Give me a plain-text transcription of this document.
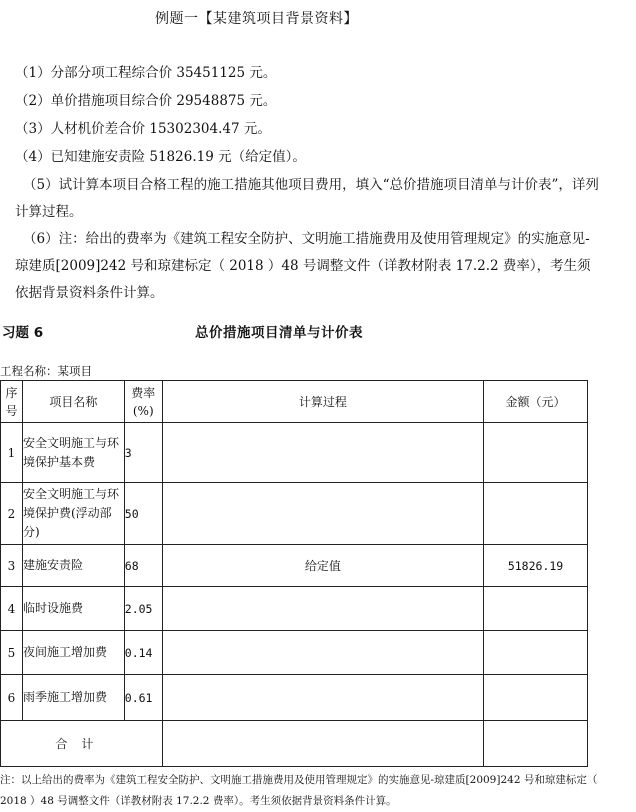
例题一【某建筑项目背景资料】

（1）分部分项工程综合价 35451125 元。

（2）单价措施项目综合价 29548875 元。

（3）人材机价差合价 15302304.47 元。

（4）已知建施安责险 51826.19 元（给定值）。

（5）试计算本项目合格工程的施工措施其他项目费用，填入“总价措施项目清单与计价表”，详列计算过程。

（6）注：给出的费率为《建筑工程安全防护、文明施工措施费用及使用管理规定》的实施意见-琼建质[2009]242 号和琼建标定（ 2018 ）48 号调整文件（详教材附表 17.2.2 费率），考生须依据背景资料条件计算。

习题 6	总价措施项目清单与计价表
工程名称：某项目
序号	项目名称	费率(%)	计算过程	金额（元）
1	安全文明施工与环境保护基本费	3		
2	安全文明施工与环境保护费(浮动部分)	50		
3	建施安责险	68	给定值	51826.19
4	临时设施费	2.05		
5	夜间施工增加费	0.14		
6	雨季施工增加费	0.61		
合计				

注：以上给出的费率为《建筑工程安全防护、文明施工措施费用及使用管理规定》的实施意见-琼建质[2009]242 号和琼建标定（ 2018 ）48 号调整文件（详教材附表 17.2.2 费率）。考生须依据背景资料条件计算。
